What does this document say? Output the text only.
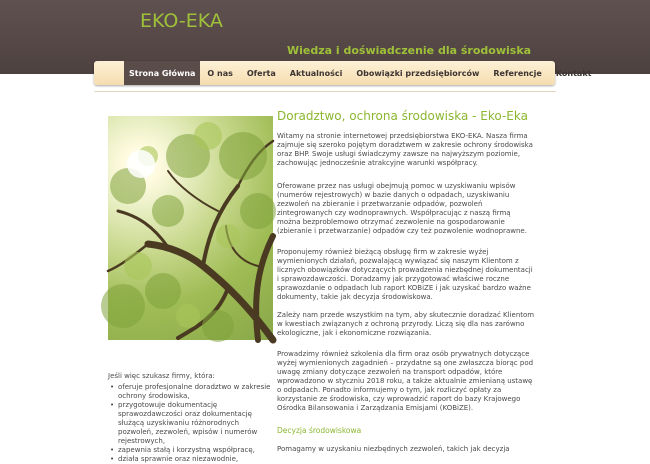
EKO-EKA
Wiedza i doświadczenie dla środowiska
Strona Główna	O nas	Oferta	Aktualności	Obowiązki przedsiębiorców	Referencje	Kontakt
Doradztwo, ochrona środowiska - Eko-Eka

Witamy na stronie internetowej przedsiębiorstwa EKO-EKA. Nasza firma zajmuje się szeroko pojętym doradztwem w zakresie ochrony środowiska oraz BHP. Swoje usługi świadczymy zawsze na najwyższym poziomie, zachowując jednocześnie atrakcyjne warunki współpracy.

Oferowane przez nas usługi obejmują pomoc w uzyskiwaniu wpisów (numerów rejestrowych) w bazie danych o odpadach, uzyskiwaniu zezwoleń na zbieranie i przetwarzanie odpadów, pozwoleń zintegrowanych czy wodnoprawnych. Współpracując z naszą firmą można bezproblemowo otrzymać zezwolenie na gospodarowanie (zbieranie i przetwarzanie) odpadów czy też pozwolenie wodnoprawne.

Proponujemy również bieżącą obsługę firm w zakresie wyżej wymienionych działań, pozwalającą wywiązać się naszym Klientom z licznych obowiązków dotyczących prowadzenia niezbędnej dokumentacji i sprawozdawczości. Doradzamy jak przygotować właściwe roczne sprawozdanie o odpadach lub raport KOBiZE i jak uzyskać bardzo ważne dokumenty, takie jak decyzja środowiskowa.

Zależy nam przede wszystkim na tym, aby skutecznie doradzać Klientom w kwestiach związanych z ochroną przyrody. Liczą się dla nas zarówno ekologiczne, jak i ekonomiczne rozwiązania.

Prowadzimy również szkolenia dla firm oraz osób prywatnych dotyczące wyżej wymienionych zagadnień – przydatne są one zwłaszcza biorąc pod uwagę zmiany dotyczące zezwoleń na transport odpadów, które wprowadzono w styczniu 2018 roku, a także aktualnie zmienianą ustawę o odpadach. Ponadto informujemy o tym, jak rozliczyć opłaty za korzystanie ze środowiska, czy wprowadzić raport do bazy Krajowego Ośrodka Bilansowania i Zarządzania Emisjami (KOBiZE).

Decyzja środowiskowa

Pomagamy w uzyskaniu niezbędnych zezwoleń, takich jak decyzja

Jeśli więc szukasz firmy, która:

• oferuje profesjonalne doradztwo w zakresie ochrony środowiska,
• przygotowuje dokumentację sprawozdawczości oraz dokumentację służącą uzyskiwaniu różnorodnych pozwoleń, zezwoleń, wpisów i numerów rejestrowych,
• zapewnia stałą i korzystną współpracę,
• działa sprawnie oraz niezawodnie,
